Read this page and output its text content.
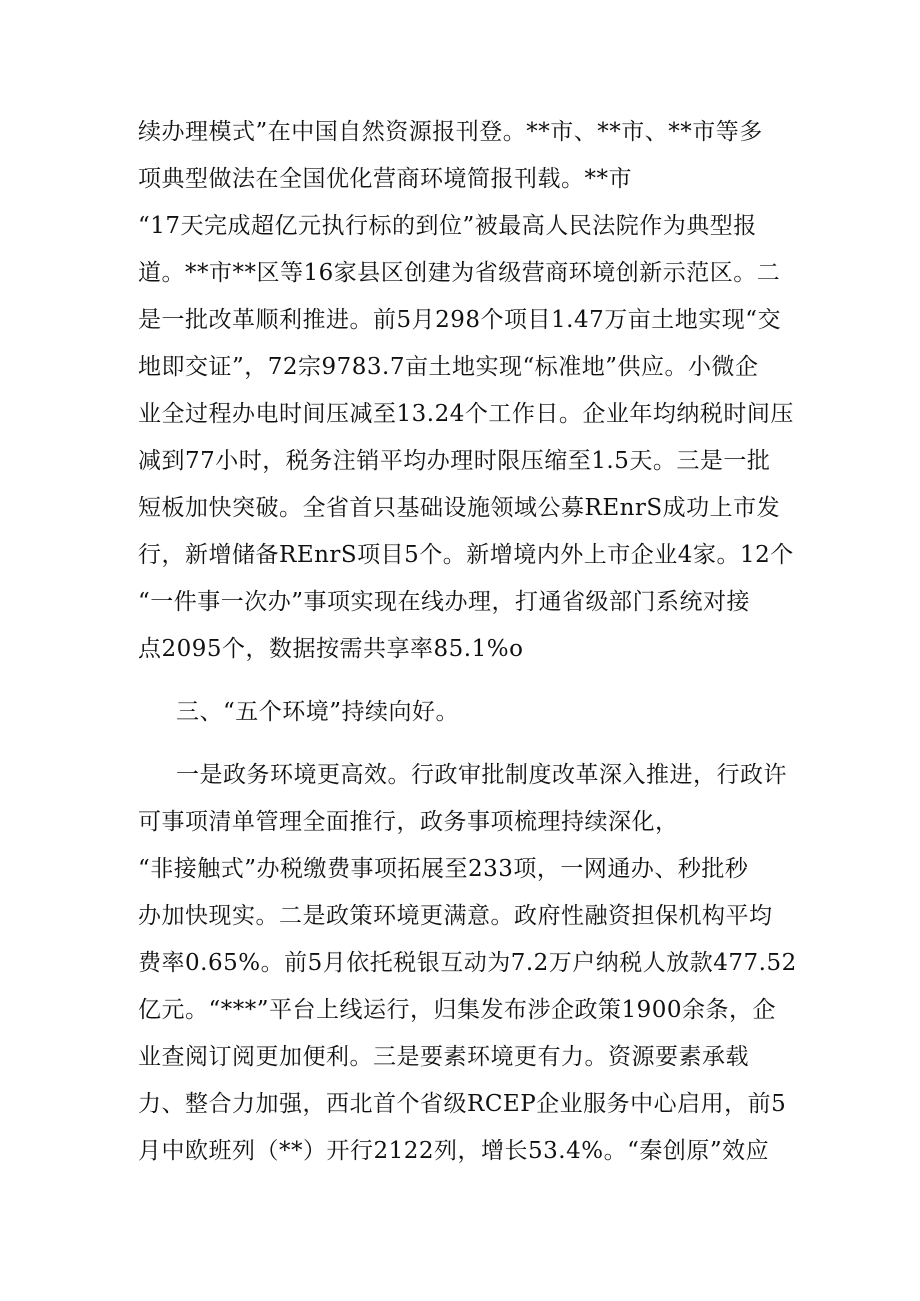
续办理模式”在中国自然资源报刊登。**市、**市、**市等多
项典型做法在全国优化营商环境简报刊载。**市
“17天完成超亿元执行标的到位”被最高人民法院作为典型报
道。**市**区等16家县区创建为省级营商环境创新示范区。二
是一批改革顺利推进。前5月298个项目1.47万亩土地实现“交
地即交证”，72宗9783.7亩土地实现“标准地”供应。小微企
业全过程办电时间压减至13.24个工作日。企业年均纳税时间压
减到77小时，税务注销平均办理时限压缩至1.5天。三是一批
短板加快突破。全省首只基础设施领域公募REnrS成功上市发
行，新增储备REnrS项目5个。新增境内外上市企业4家。12个
“一件事一次办”事项实现在线办理，打通省级部门系统对接
点2095个，数据按需共享率85.1%o
三、“五个环境”持续向好。
一是政务环境更高效。行政审批制度改革深入推进，行政许
可事项清单管理全面推行，政务事项梳理持续深化，
“非接触式”办税缴费事项拓展至233项，一网通办、秒批秒
办加快现实。二是政策环境更满意。政府性融资担保机构平均
费率0.65%。前5月依托税银互动为7.2万户纳税人放款477.52
亿元。“***”平台上线运行，归集发布涉企政策1900余条，企
业查阅订阅更加便利。三是要素环境更有力。资源要素承载
力、整合力加强，西北首个省级RCEP企业服务中心启用，前5
月中欧班列（**）开行2122列，增长53.4%。“秦创原”效应
